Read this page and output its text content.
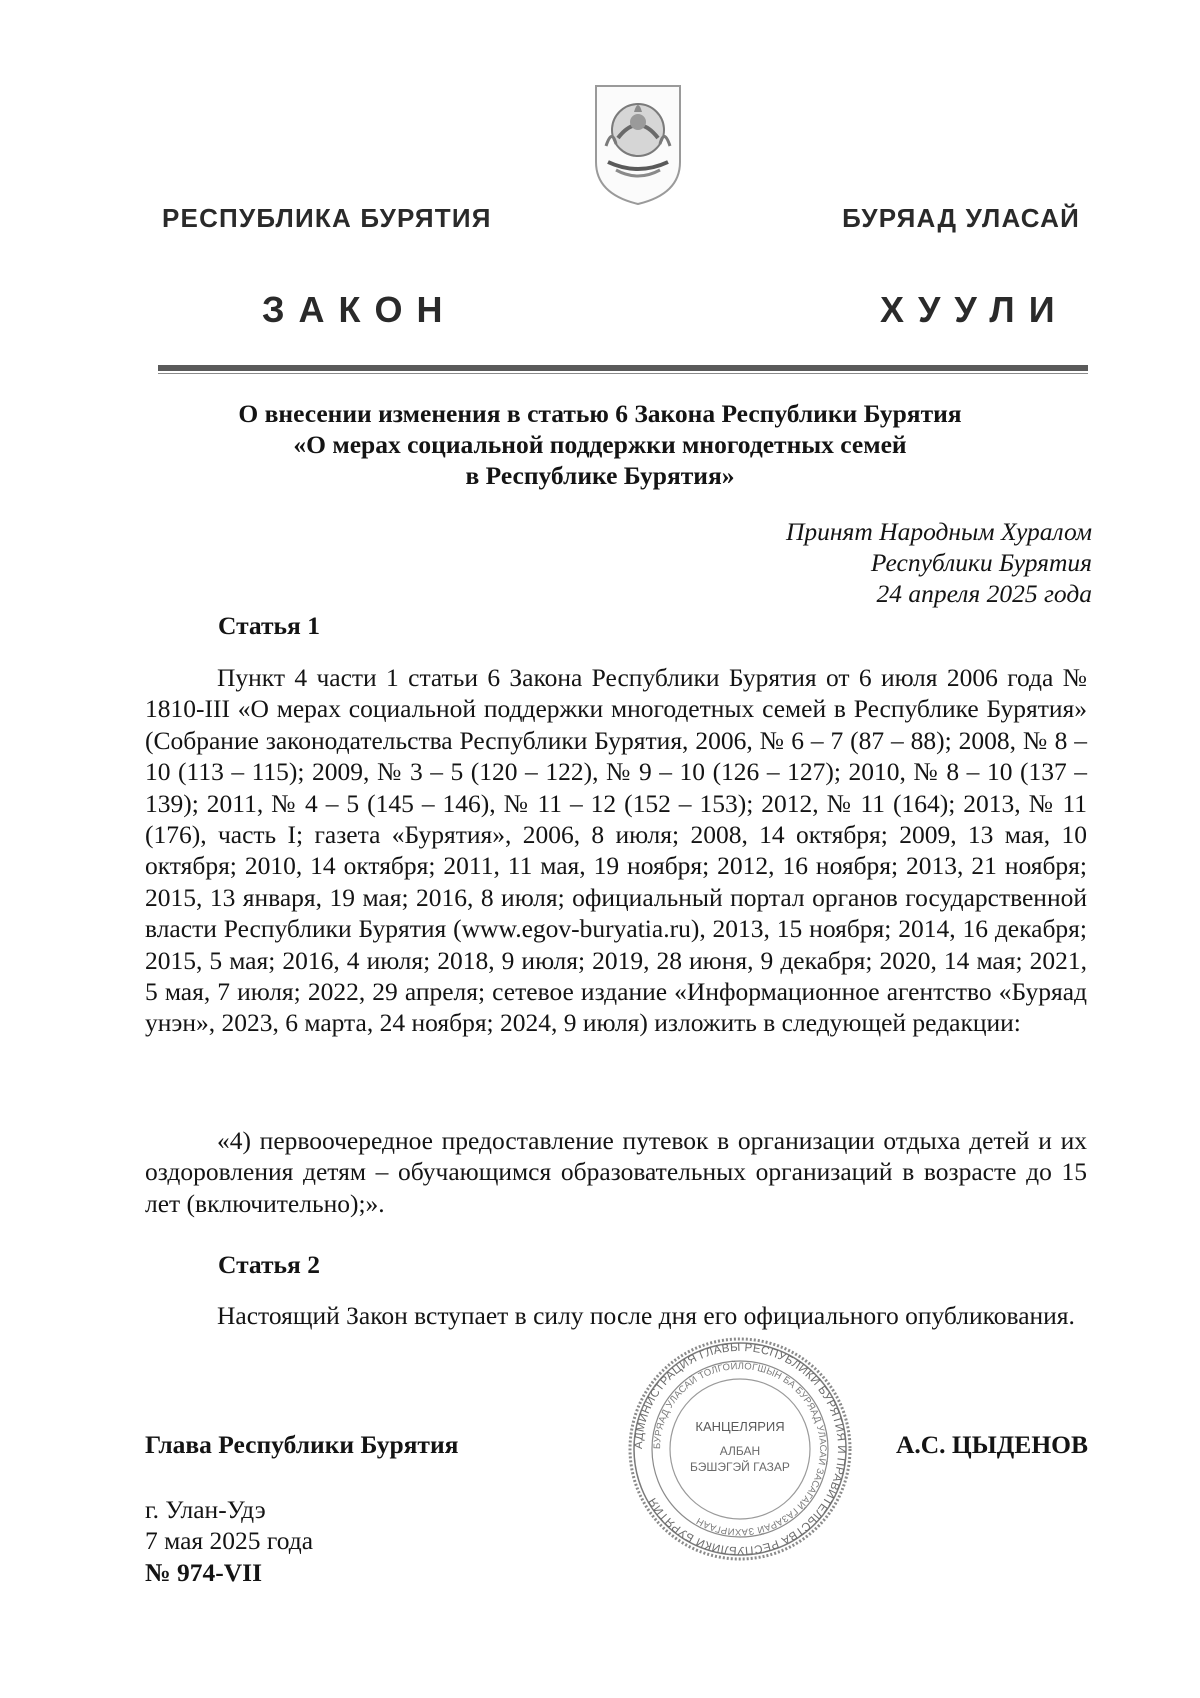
РЕСПУБЛИКА БУРЯТИЯ	БУРЯАД УЛАСАЙ
ЗАКОН	ХУУЛИ
О внесении изменения в статью 6 Закона Республики Бурятия
«О мерах социальной поддержки многодетных семей
в Республике Бурятия»
Принят Народным Хуралом
Республики Бурятия
24 апреля 2025 года
Статья 1
Пункт 4 части 1 статьи 6 Закона Республики Бурятия от 6 июля 2006 года № 1810-III «О мерах социальной поддержки многодетных семей в Республике Бурятия» (Собрание законодательства Республики Бурятия, 2006, № 6 – 7 (87 – 88); 2008, № 8 – 10 (113 – 115); 2009, № 3 – 5 (120 – 122), № 9 – 10 (126 – 127); 2010, № 8 – 10 (137 – 139); 2011, № 4 – 5 (145 – 146), № 11 – 12 (152 – 153); 2012, № 11 (164); 2013, № 11 (176), часть I; газета «Бурятия», 2006, 8 июля; 2008, 14 октября; 2009, 13 мая, 10 октября; 2010, 14 октября; 2011, 11 мая, 19 ноября; 2012, 16 ноября; 2013, 21 ноября; 2015, 13 января, 19 мая; 2016, 8 июля; официальный портал органов государственной власти Республики Бурятия (www.egov-buryatia.ru), 2013, 15 ноября; 2014, 16 декабря; 2015, 5 мая; 2016, 4 июля; 2018, 9 июля; 2019, 28 июня, 9 декабря; 2020, 14 мая; 2021, 5 мая, 7 июля; 2022, 29 апреля; сетевое издание «Информационное агентство «Буряад унэн», 2023, 6 марта, 24 ноября; 2024, 9 июля) изложить в следующей редакции:
«4) первоочередное предоставление путевок в организации отдыха детей и их оздоровления детям – обучающимся образовательных организаций в возрасте до 15 лет (включительно);».
Статья 2
Настоящий Закон вступает в силу после дня его официального опубликования.
АДМИНИСТРАЦИЯ ГЛАВЫ РЕСПУБЛИКИ БУРЯТИЯ И ПРАВИТЕЛЬСТВА РЕСПУБЛИКИ БУРЯТИЯ
БУРЯАД УЛАСАЙ ТОЛГОЙЛОГШЫН БА БУРЯАД УЛАСАЙ ЗАСАГАЙ ГАЗАРАЙ ЗАХИРГААН
КАНЦЕЛЯРИЯ
АЛБАН
БЭШЭГЭЙ ГАЗАР
Глава Республики Бурятия	А.С. ЦЫДЕНОВ
г. Улан-Удэ
7 мая 2025 года
№ 974-VII
